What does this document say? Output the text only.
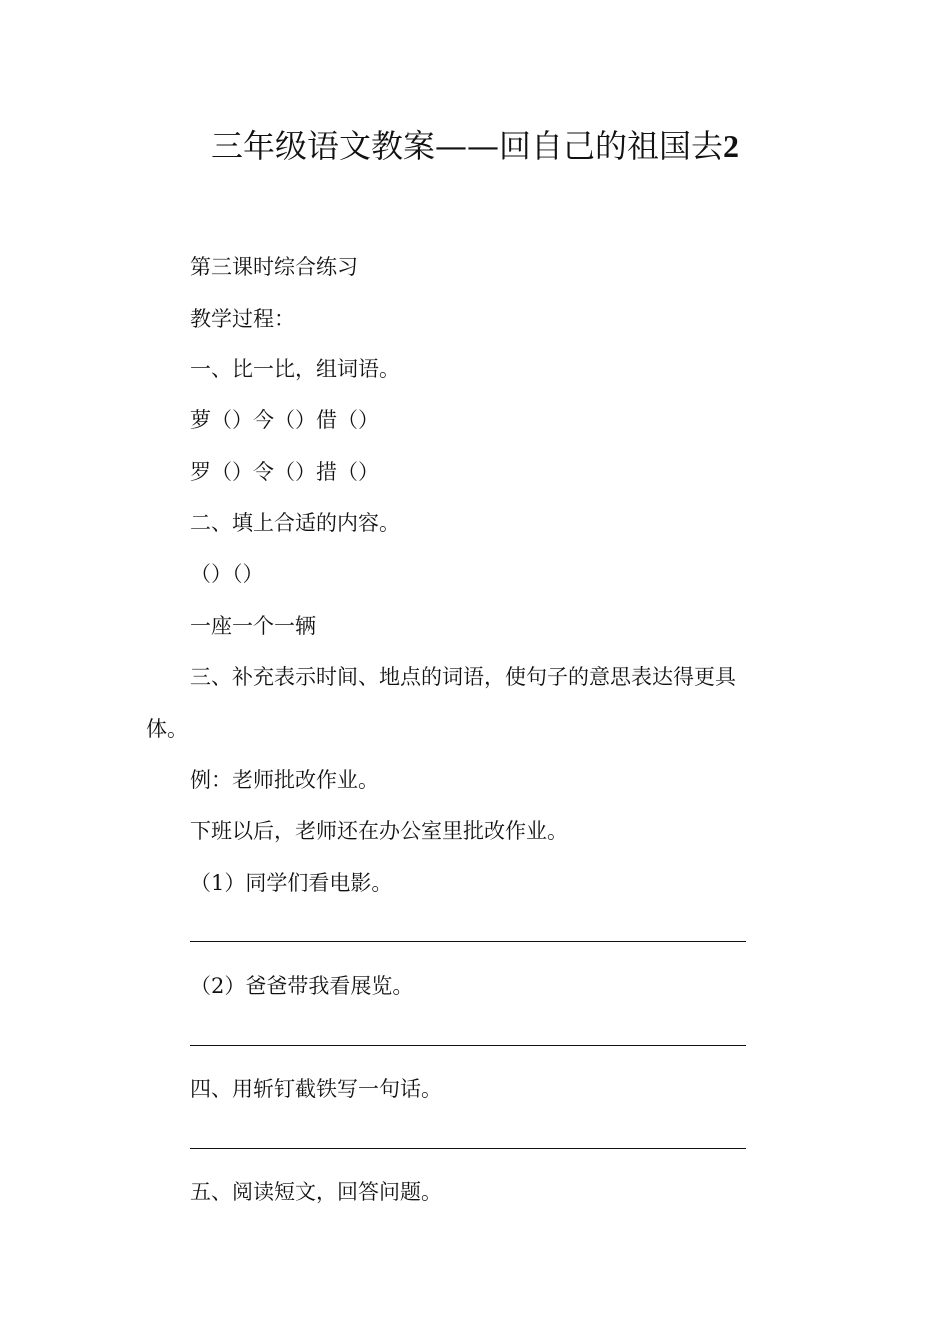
三年级语文教案——回自己的祖国去2
第三课时综合练习
教学过程：
一、比一比，组词语。
萝（）今（）借（）
罗（）令（）措（）
二、填上合适的内容。
（）（）
一座一个一辆
三、补充表示时间、地点的词语，使句子的意思表达得更具
体。
例：老师批改作业。
下班以后，老师还在办公室里批改作业。
（1）同学们看电影。
（2）爸爸带我看展览。
四、用斩钉截铁写一句话。
五、阅读短文，回答问题。
